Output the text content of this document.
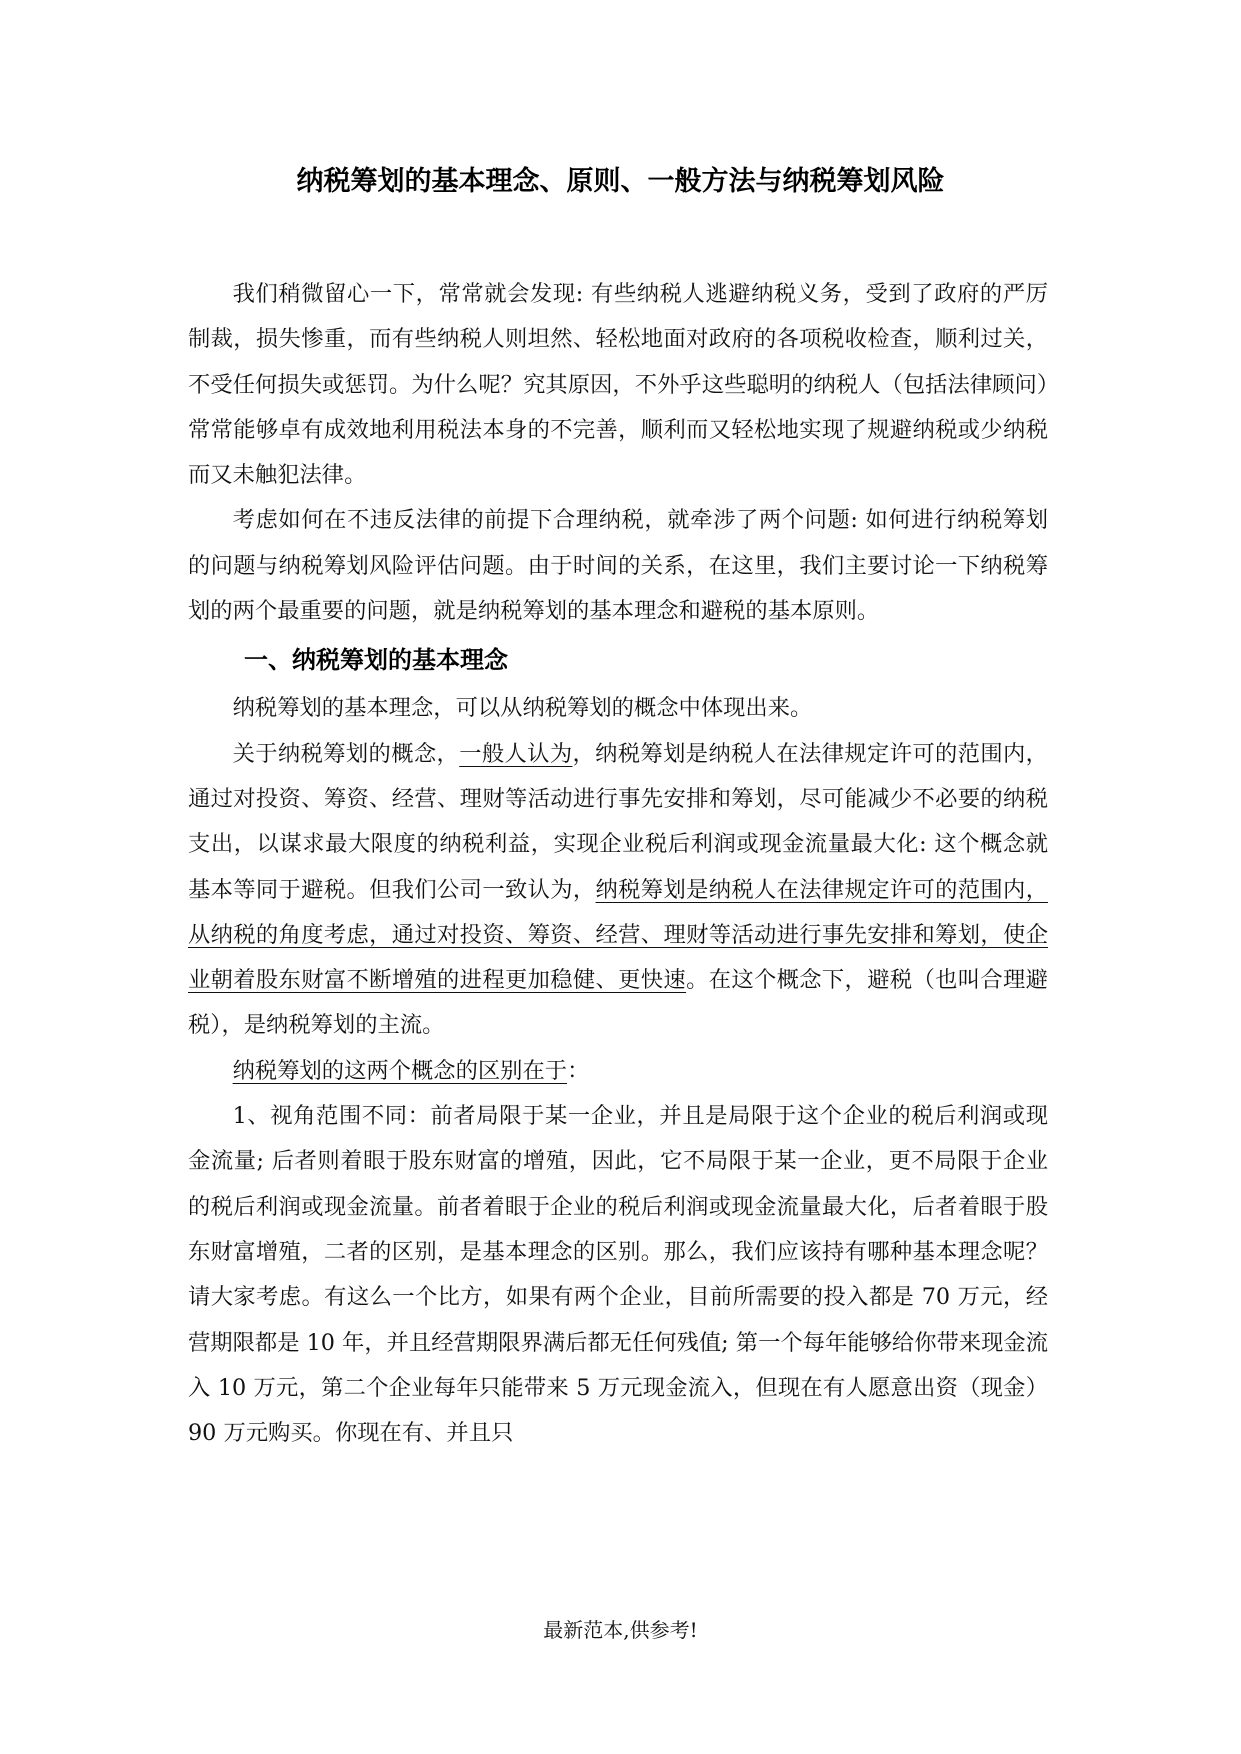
纳税筹划的基本理念、原则、一般方法与纳税筹划风险

我们稍微留心一下，常常就会发现: 有些纳税人逃避纳税义务，受到了政府的严厉制裁，损失惨重，而有些纳税人则坦然、轻松地面对政府的各项税收检查，顺利过关，不受任何损失或惩罚。为什么呢？究其原因，不外乎这些聪明的纳税人（包括法律顾问）常常能够卓有成效地利用税法本身的不完善，顺利而又轻松地实现了规避纳税或少纳税而又未触犯法律。

考虑如何在不违反法律的前提下合理纳税，就牵涉了两个问题: 如何进行纳税筹划的问题与纳税筹划风险评估问题。由于时间的关系，在这里，我们主要讨论一下纳税筹划的两个最重要的问题，就是纳税筹划的基本理念和避税的基本原则。

一、纳税筹划的基本理念

纳税筹划的基本理念，可以从纳税筹划的概念中体现出来。

关于纳税筹划的概念，一般人认为，纳税筹划是纳税人在法律规定许可的范围内，通过对投资、筹资、经营、理财等活动进行事先安排和筹划，尽可能减少不必要的纳税支出，以谋求最大限度的纳税利益，实现企业税后利润或现金流量最大化: 这个概念就基本等同于避税。但我们公司一致认为，纳税筹划是纳税人在法律规定许可的范围内，从纳税的角度考虑，通过对投资、筹资、经营、理财等活动进行事先安排和筹划，使企业朝着股东财富不断增殖的进程更加稳健、更快速。在这个概念下，避税（也叫合理避税），是纳税筹划的主流。

纳税筹划的这两个概念的区别在于：

1、视角范围不同：前者局限于某一企业，并且是局限于这个企业的税后利润或现金流量; 后者则着眼于股东财富的增殖，因此，它不局限于某一企业，更不局限于企业的税后利润或现金流量。前者着眼于企业的税后利润或现金流量最大化，后者着眼于股东财富增殖，二者的区别，是基本理念的区别。那么，我们应该持有哪种基本理念呢？请大家考虑。有这么一个比方，如果有两个企业，目前所需要的投入都是 70 万元，经营期限都是 10 年，并且经营期限界满后都无任何残值; 第一个每年能够给你带来现金流入 10 万元，第二个企业每年只能带来 5 万元现金流入，但现在有人愿意出资（现金）90 万元购买。你现在有、并且只

最新范本,供参考!
